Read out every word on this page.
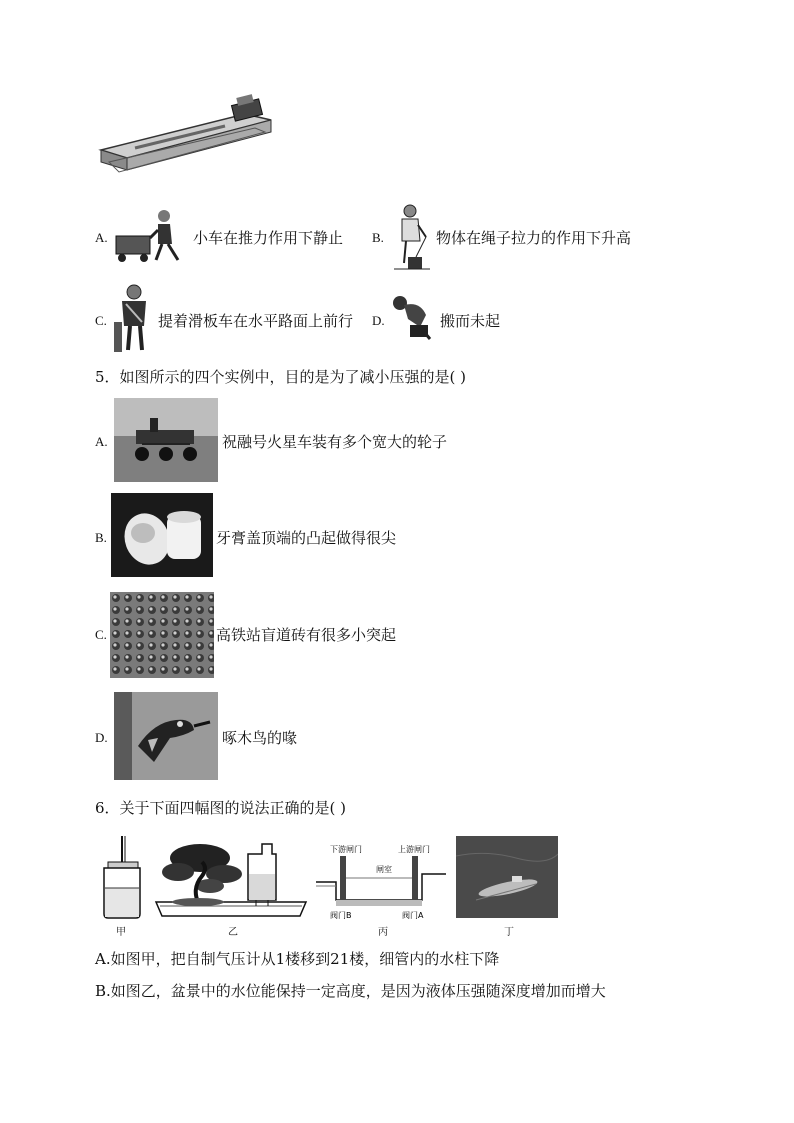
A.	小车在推力作用下静止 B.	物体在绳子拉力的作用下升高
C.	提着滑板车在水平路面上前行 D.	搬而未起
5．如图所示的四个实例中，目的是为了减小压强的是( )
A.	祝融号火星车装有多个宽大的轮子
B.	牙膏盖顶端的凸起做得很尖
C.	高铁站盲道砖有很多小突起
D.	啄木鸟的喙
6．关于下面四幅图的说法正确的是( )
甲	乙
下游闸门	上游闸门
闸室
阀门B	阀门A
丙	丁
A.如图甲，把自制气压计从1楼移到21楼，细管内的水柱下降
B.如图乙，盆景中的水位能保持一定高度，是因为液体压强随深度增加而增大
